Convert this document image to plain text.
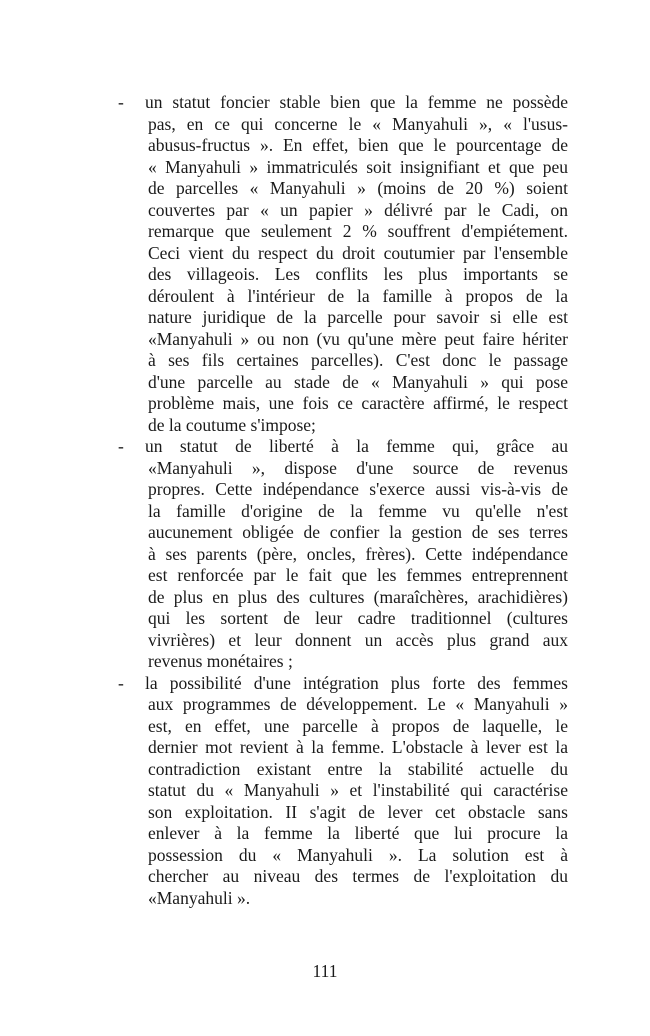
- un statut foncier stable bien que la femme ne possède
pas, en ce qui concerne le « Manyahuli », « l'usus-
abusus-fructus ». En effet, bien que le pourcentage de
« Manyahuli » immatriculés soit insignifiant et que peu
de parcelles « Manyahuli » (moins de 20 %) soient
couvertes par « un papier » délivré par le Cadi, on
remarque que seulement 2 % souffrent d'empiétement.
Ceci vient du respect du droit coutumier par l'ensemble
des villageois. Les conflits les plus importants se
déroulent à l'intérieur de la famille à propos de la
nature juridique de la parcelle pour savoir si elle est
«Manyahuli » ou non (vu qu'une mère peut faire hériter
à ses fils certaines parcelles). C'est donc le passage
d'une parcelle au stade de « Manyahuli » qui pose
problème mais, une fois ce caractère affirmé, le respect
de la coutume s'impose;
- un statut de liberté à la femme qui, grâce au
«Manyahuli », dispose d'une source de revenus
propres. Cette indépendance s'exerce aussi vis-à-vis de
la famille d'origine de la femme vu qu'elle n'est
aucunement obligée de confier la gestion de ses terres
à ses parents (père, oncles, frères). Cette indépendance
est renforcée par le fait que les femmes entreprennent
de plus en plus des cultures (maraîchères, arachidières)
qui les sortent de leur cadre traditionnel (cultures
vivrières) et leur donnent un accès plus grand aux
revenus monétaires ;
- la possibilité d'une intégration plus forte des femmes
aux programmes de développement. Le « Manyahuli »
est, en effet, une parcelle à propos de laquelle, le
dernier mot revient à la femme. L'obstacle à lever est la
contradiction existant entre la stabilité actuelle du
statut du « Manyahuli » et l'instabilité qui caractérise
son exploitation. II s'agit de lever cet obstacle sans
enlever à la femme la liberté que lui procure la
possession du « Manyahuli ». La solution est à
chercher au niveau des termes de l'exploitation du
«Manyahuli ».
111
